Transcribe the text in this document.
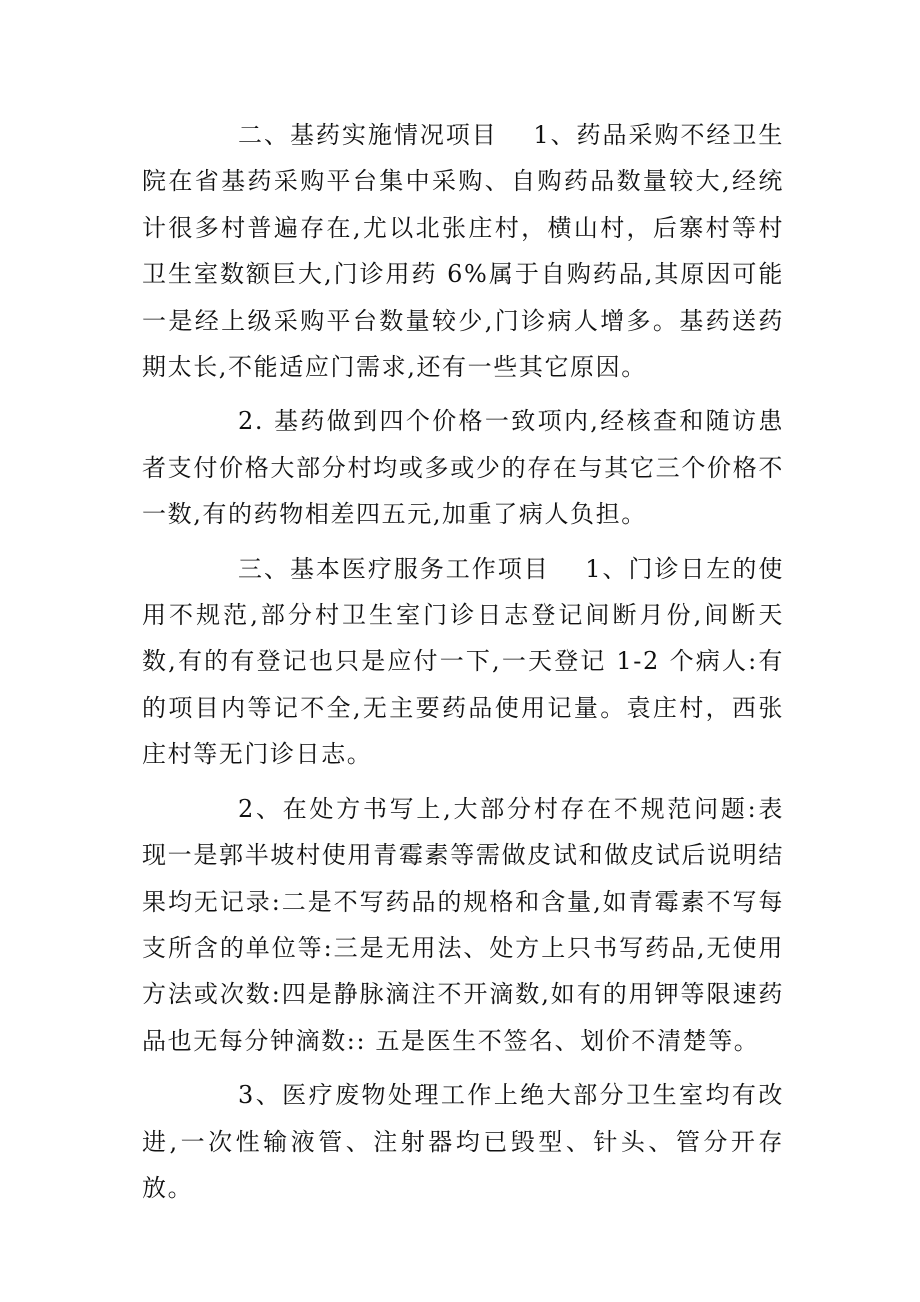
二、基药实施情况项目　 1、药品采购不经卫生院在省基药采购平台集中采购、自购药品数量较大,经统计很多村普遍存在,尤以北张庄村，横山村，后寨村等村卫生室数额巨大,门诊用药 6%属于自购药品,其原因可能一是经上级采购平台数量较少,门诊病人增多。基药送药期太长,不能适应门需求,还有一些其它原因。

2. 基药做到四个价格一致项内,经核查和随访患者支付价格大部分村均或多或少的存在与其它三个价格不一数,有的药物相差四五元,加重了病人负担。

三、基本医疗服务工作项目　 1、门诊日左的使用不规范,部分村卫生室门诊日志登记间断月份,间断天数,有的有登记也只是应付一下,一天登记 1-2 个病人:有的项目内等记不全,无主要药品使用记量。袁庄村，西张庄村等无门诊日志。

2、在处方书写上,大部分村存在不规范问题:表现一是郭半坡村使用青霉素等需做皮试和做皮试后说明结果均无记录:二是不写药品的规格和含量,如青霉素不写每支所含的单位等:三是无用法、处方上只书写药品,无使用方法或次数:四是静脉滴注不开滴数,如有的用钾等限速药品也无每分钟滴数:: 五是医生不签名、划价不清楚等。

3、医疗废物处理工作上绝大部分卫生室均有改进,一次性输液管、注射器均已毁型、针头、管分开存放。
